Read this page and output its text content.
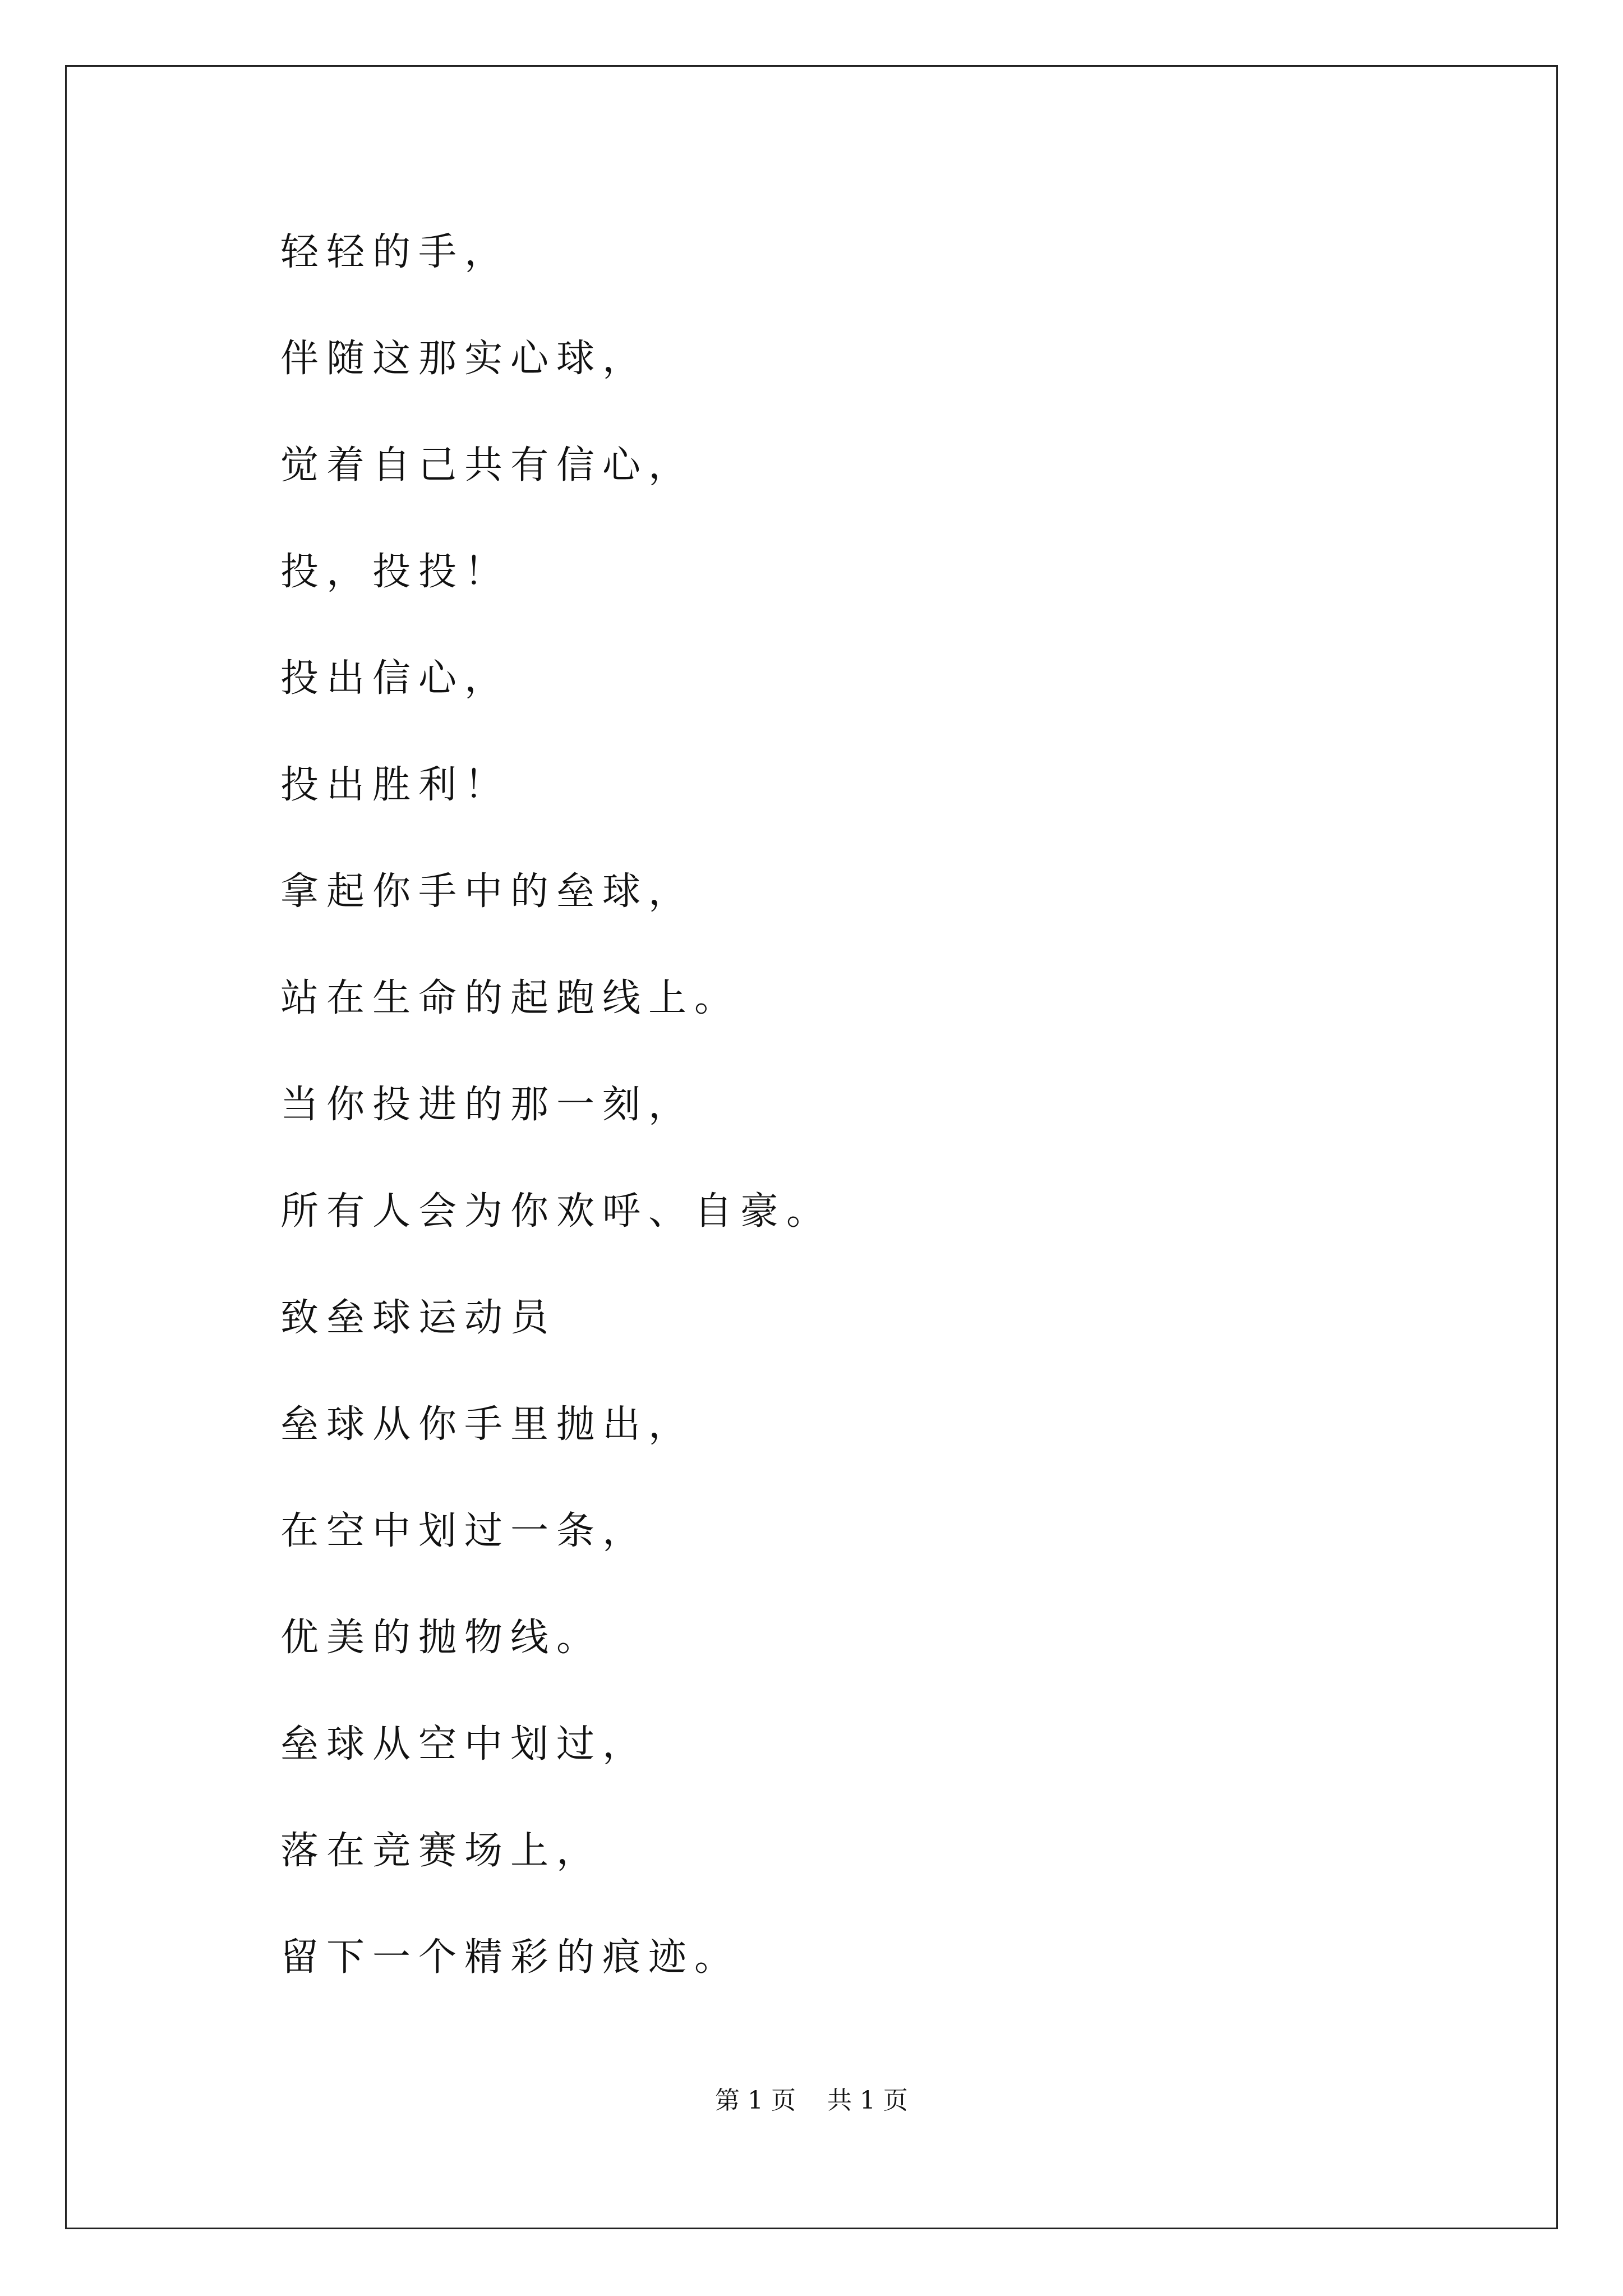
轻轻的手，
伴随这那实心球，
觉着自己共有信心，
投，投投！
投出信心，
投出胜利！
拿起你手中的垒球，
站在生命的起跑线上。
当你投进的那一刻，
所有人会为你欢呼、自豪。
致垒球运动员
垒球从你手里抛出，
在空中划过一条，
优美的抛物线。
垒球从空中划过，
落在竞赛场上，
留下一个精彩的痕迹。
第 1 页    共 1 页
